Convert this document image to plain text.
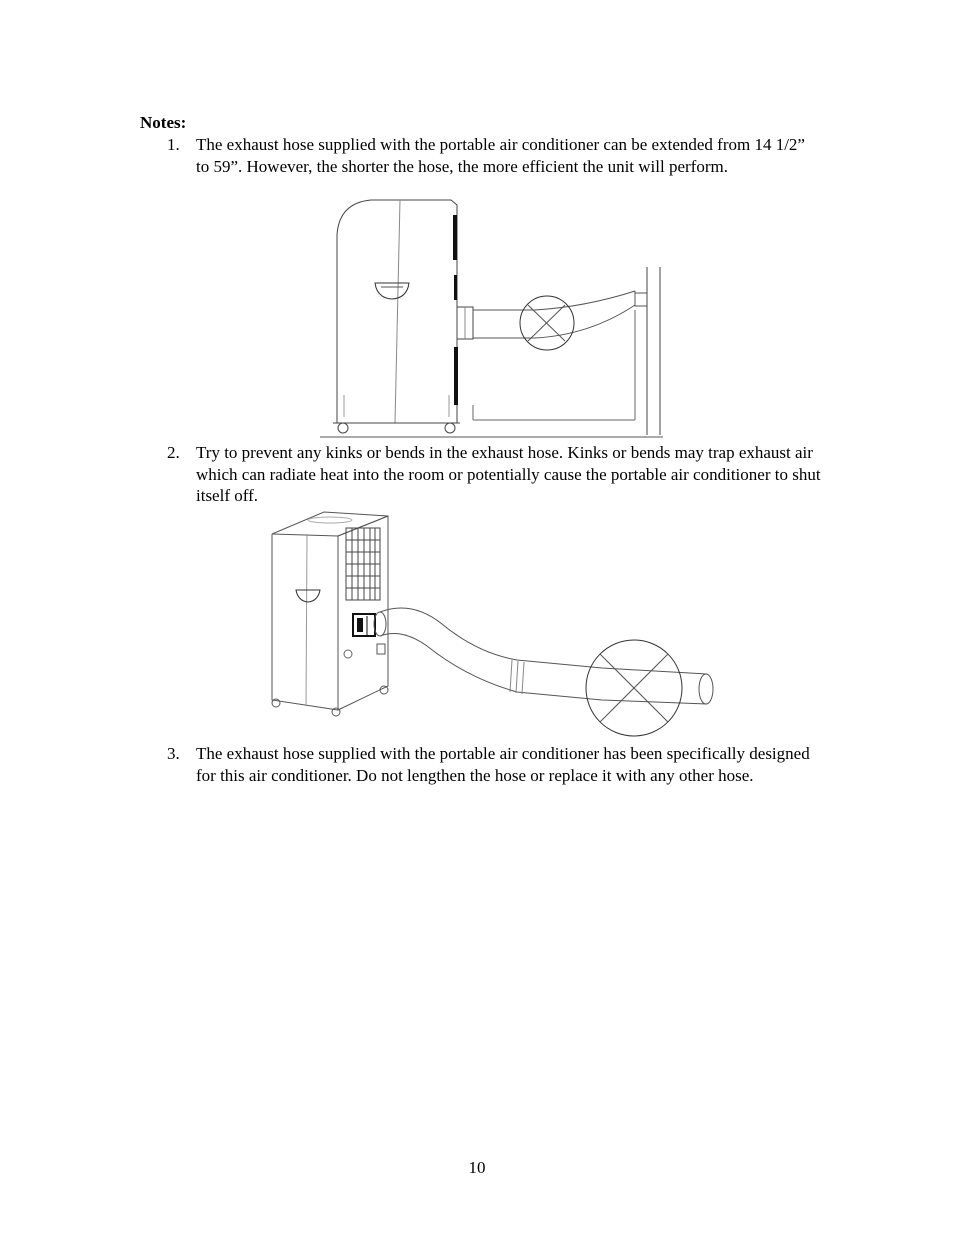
Notes:
1. The exhaust hose supplied with the portable air conditioner can be extended from 14 1/2” to 59”. However, the shorter the hose, the more efficient the unit will perform.
2. Try to prevent any kinks or bends in the exhaust hose. Kinks or bends may trap exhaust air which can radiate heat into the room or potentially cause the portable air conditioner to shut itself off.
3. The exhaust hose supplied with the portable air conditioner has been specifically designed for this air conditioner. Do not lengthen the hose or replace it with any other hose.
10
